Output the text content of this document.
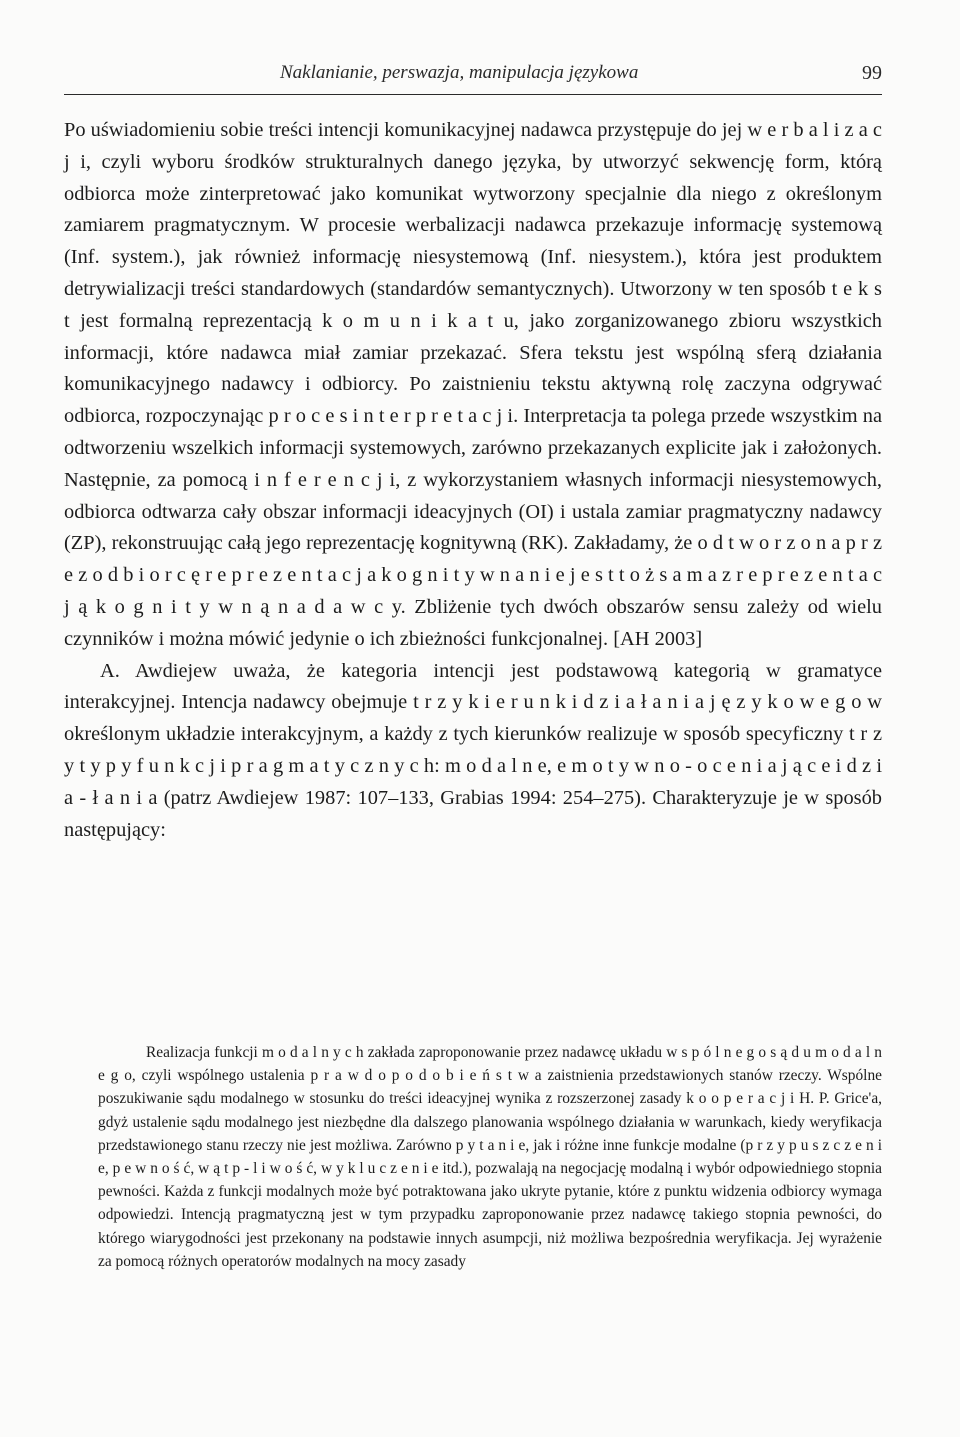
Naklanianie, perswazja, manipulacja językowa	99

Po uświadomieniu sobie treści intencji komunikacyjnej nadawca przystępuje do jej w e r b a l i z a c j i, czyli wyboru środków strukturalnych danego języka, by utworzyć sekwencję form, którą odbiorca może zinterpretować jako komunikat wytworzony specjalnie dla niego z określonym zamiarem pragmatycznym. W procesie werbalizacji nadawca przekazuje informację systemową (Inf. system.), jak również informację niesystemową (Inf. niesystem.), która jest produktem detrywializacji treści standardowych (standardów semantycznych). Utworzony w ten sposób t e k s t jest formalną reprezentacją k o m u n i k a t u, jako zorganizowanego zbioru wszystkich informacji, które nadawca miał zamiar przekazać. Sfera tekstu jest wspólną sferą działania komunikacyjnego nadawcy i odbiorcy. Po zaistnieniu tekstu aktywną rolę zaczyna odgrywać odbiorca, rozpoczynając p r o c e s i n t e r p r e t a c j i. Interpretacja ta polega przede wszystkim na odtworzeniu wszelkich informacji systemowych, zarówno przekazanych explicite jak i założonych. Następnie, za pomocą i n f e r e n c j i, z wykorzystaniem własnych informacji niesystemowych, odbiorca odtwarza cały obszar informacji ideacyjnych (OI) i ustala zamiar pragmatyczny nadawcy (ZP), rekonstruując całą jego reprezentację kognitywną (RK). Zakładamy, że o d t w o r z o n a p r z e z o d b i o r c ę r e p r e z e n t a c j a k o g n i t y w n a n i e j e s t t o ż s a m a z r e p r e z e n t a c j ą k o g n i t y w n ą n a d a w c y. Zbliżenie tych dwóch obszarów sensu zależy od wielu czynników i można mówić jedynie o ich zbieżności funkcjonalnej. [AH 2003]

A. Awdiejew uważa, że kategoria intencji jest podstawową kategorią w gramatyce interakcyjnej. Intencja nadawcy obejmuje t r z y k i e r u n k i d z i a ł a n i a j ę z y k o w e g o w określonym układzie interakcyjnym, a każdy z tych kierunków realizuje w sposób specyficzny t r z y t y p y f u n k c j i p r a g m a t y c z n y c h: m o d a l n e, e m o t y w n o - o c e n i a j ą c e i d z i a - ł a n i a (patrz Awdiejew 1987: 107–133, Grabias 1994: 254–275). Charakteryzuje je w sposób następujący:

Realizacja funkcji m o d a l n y c h zakłada zaproponowanie przez nadawcę układu w s p ó l n e g o s ą d u m o d a l n e g o, czyli wspólnego ustalenia p r a w d o p o d o b i e ń s t w a zaistnienia przedstawionych stanów rzeczy. Wspólne poszukiwanie sądu modalnego w stosunku do treści ideacyjnej wynika z rozszerzonej zasady k o o p e r a c j i H. P. Grice'a, gdyż ustalenie sądu modalnego jest niezbędne dla dalszego planowania wspólnego działania w warunkach, kiedy weryfikacja przedstawionego stanu rzeczy nie jest możliwa. Zarówno p y t a n i e, jak i różne inne funkcje modalne (p r z y p u s z c z e n i e, p e w n o ś ć, w ą t p - l i w o ś ć, w y k l u c z e n i e itd.), pozwalają na negocjację modalną i wybór odpowiedniego stopnia pewności. Każda z funkcji modalnych może być potraktowana jako ukryte pytanie, które z punktu widzenia odbiorcy wymaga odpowiedzi. Intencją pragmatyczną jest w tym przypadku zaproponowanie przez nadawcę takiego stopnia pewności, do którego wiarygodności jest przekonany na podstawie innych asumpcji, niż możliwa bezpośrednia weryfikacja. Jej wyrażenie za pomocą różnych operatorów modalnych na mocy zasady
